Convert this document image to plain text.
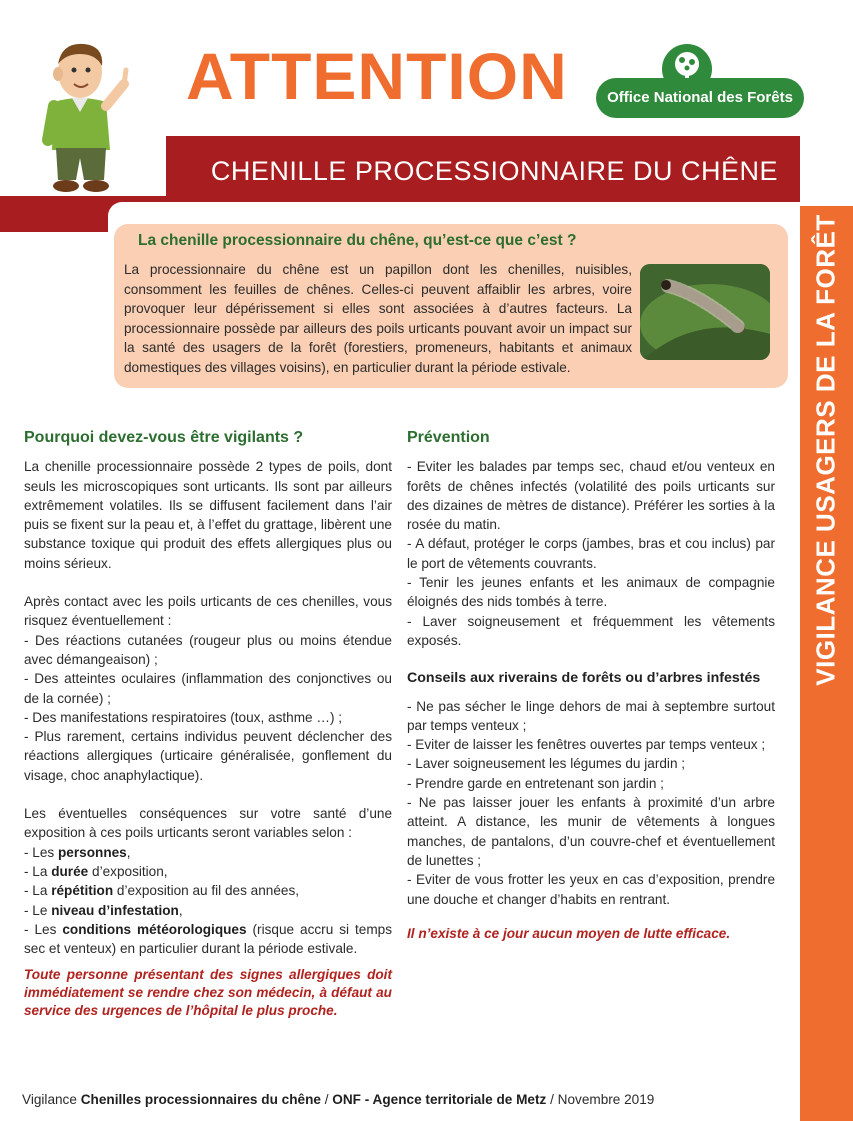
ATTENTION	Office National des Forêts
CHENILLE PROCESSIONNAIRE DU CHÊNE
VIGILANCE USAGERS DE LA FORÊT
La chenille processionnaire du chêne, qu’est-ce que c’est ?
La processionnaire du chêne est un papillon dont les chenilles, nuisibles, consomment les feuilles de chênes. Celles-ci peuvent affaiblir les arbres, voire provoquer leur dépérissement si elles sont associées à d’autres facteurs. La processionnaire possède par ailleurs des poils urticants pouvant avoir un impact sur la santé des usagers de la forêt (forestiers, promeneurs, habitants et animaux domestiques des villages voisins), en particulier durant la période estivale.
Pourquoi devez-vous être vigilants ?
La chenille processionnaire possède 2 types de poils, dont seuls les microscopiques sont urticants. Ils sont par ailleurs extrêmement volatiles. Ils se diffusent facilement dans l’air puis se fixent sur la peau et, à l’effet du grattage, libèrent une substance toxique qui produit des effets allergiques plus ou moins sérieux.
Après contact avec les poils urticants de ces chenilles, vous risquez éventuellement :
- Des réactions cutanées (rougeur plus ou moins étendue avec démangeaison) ;
- Des atteintes oculaires (inflammation des conjonctives ou de la cornée) ;
- Des manifestations respiratoires (toux, asthme …) ;
- Plus rarement, certains individus peuvent déclencher des réactions allergiques (urticaire généralisée, gonflement du visage, choc anaphylactique).
Les éventuelles conséquences sur votre santé d’une exposition à ces poils urticants seront variables selon :
- Les personnes,
- La durée d’exposition,
- La répétition d’exposition au fil des années,
- Le niveau d’infestation,
- Les conditions météorologiques (risque accru si temps sec et venteux) en particulier durant la période estivale.
Toute personne présentant des signes allergiques doit immédiatement se rendre chez son médecin, à défaut au service des urgences de l’hôpital le plus proche.
Prévention
- Eviter les balades par temps sec, chaud et/ou venteux en forêts de chênes infectés (volatilité des poils urticants sur des dizaines de mètres de distance). Préférer les sorties à la rosée du matin.
- A défaut, protéger le corps (jambes, bras et cou inclus) par le port de vêtements couvrants.
- Tenir les jeunes enfants et les animaux de compagnie éloignés des nids tombés à terre.
- Laver soigneusement et fréquemment les vêtements exposés.
Conseils aux riverains de forêts ou d’arbres infestés
- Ne pas sécher le linge dehors de mai à septembre surtout par temps venteux ;
- Eviter de laisser les fenêtres ouvertes par temps venteux ;
- Laver soigneusement les légumes du jardin ;
- Prendre garde en entretenant son jardin ;
- Ne pas laisser jouer les enfants à proximité d’un arbre atteint. A distance, les munir de vêtements à longues manches, de pantalons, d’un couvre-chef et éventuellement de lunettes ;
- Eviter de vous frotter les yeux en cas d’exposition, prendre une douche et changer d’habits en rentrant.
Il n’existe à ce jour aucun moyen de lutte efficace.
Vigilance Chenilles processionnaires du chêne / ONF - Agence territoriale de Metz / Novembre 2019
